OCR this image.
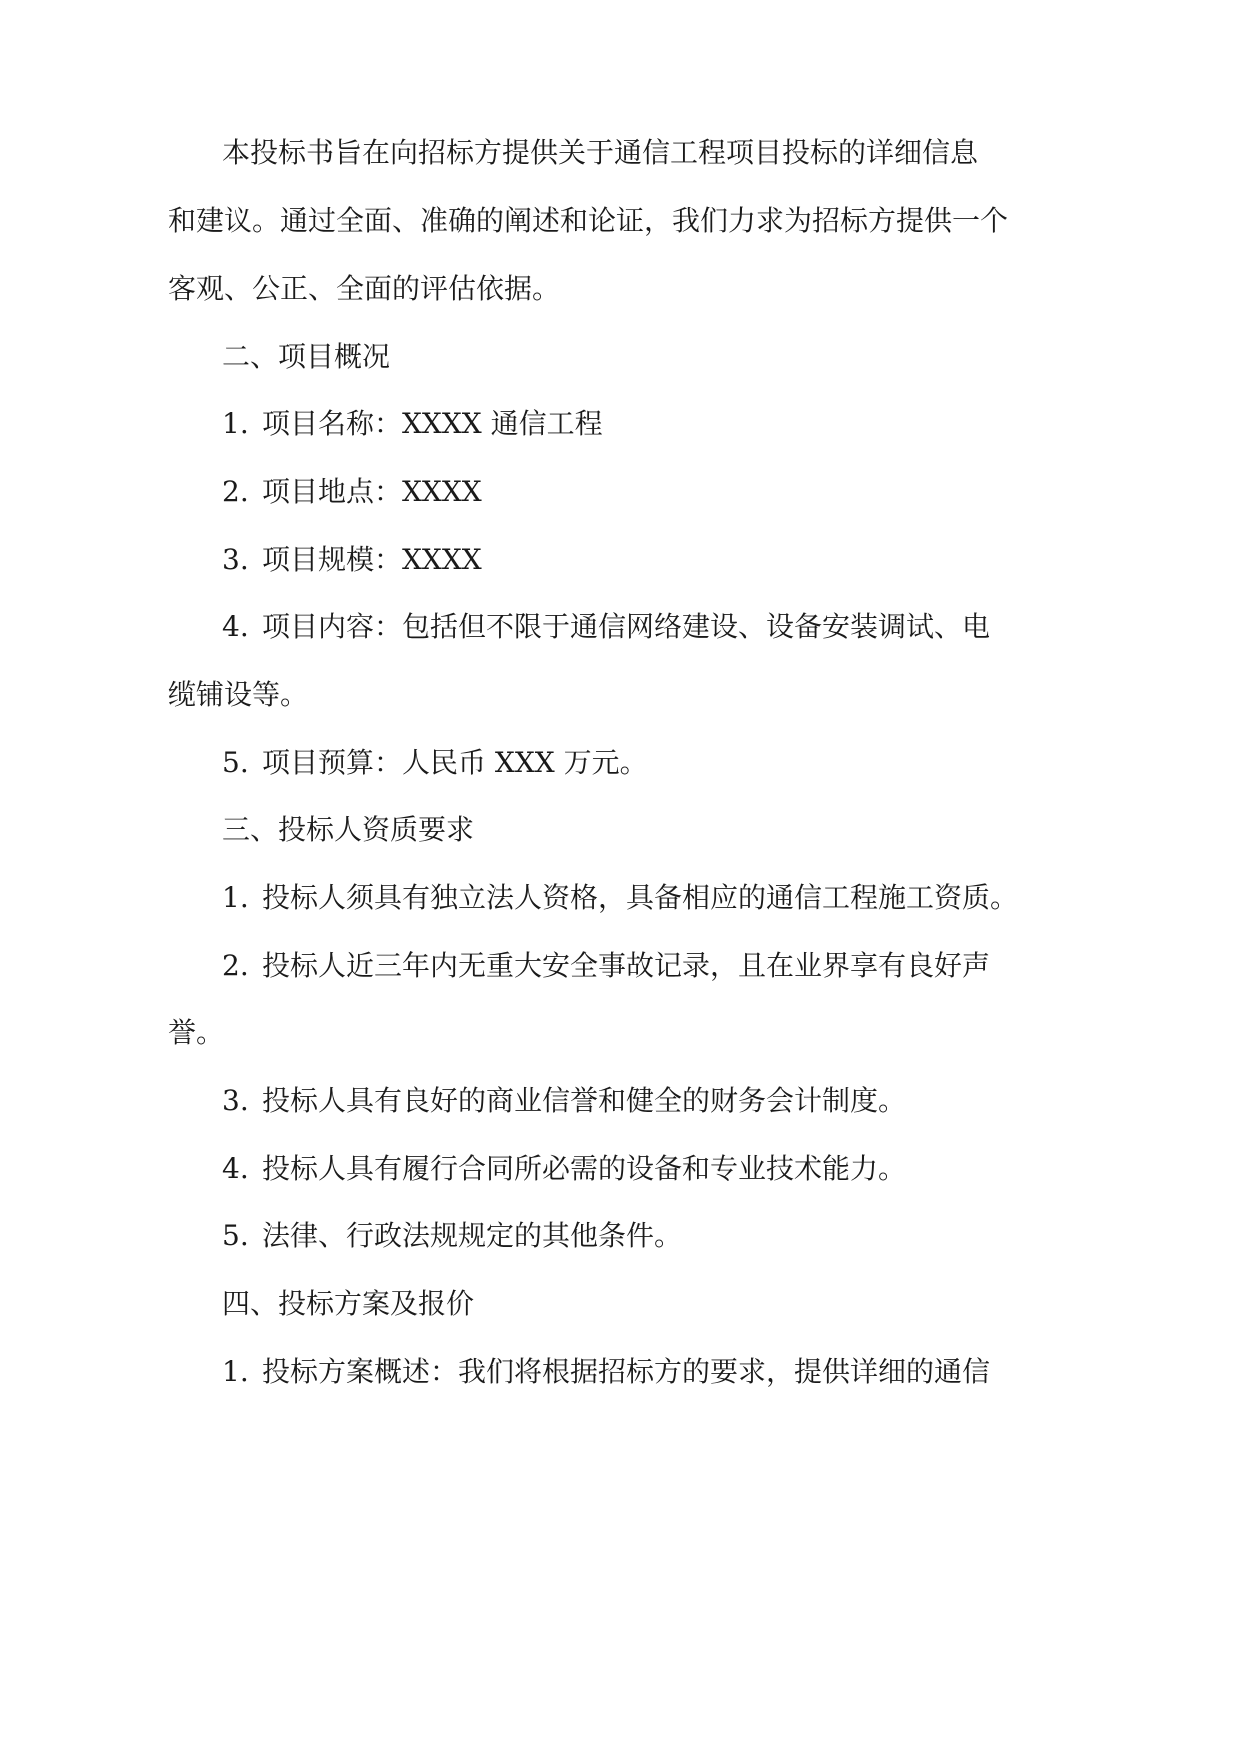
本投标书旨在向招标方提供关于通信工程项目投标的详细信息
和建议。通过全面、准确的阐述和论证，我们力求为招标方提供一个
客观、公正、全面的评估依据。
二、项目概况
1. 项目名称：XXXX 通信工程
2. 项目地点：XXXX
3. 项目规模：XXXX
4. 项目内容：包括但不限于通信网络建设、设备安装调试、电
缆铺设等。
5. 项目预算：人民币 XXX 万元。
三、投标人资质要求
1. 投标人须具有独立法人资格，具备相应的通信工程施工资质。
2. 投标人近三年内无重大安全事故记录，且在业界享有良好声
誉。
3. 投标人具有良好的商业信誉和健全的财务会计制度。
4. 投标人具有履行合同所必需的设备和专业技术能力。
5. 法律、行政法规规定的其他条件。
四、投标方案及报价
1. 投标方案概述：我们将根据招标方的要求，提供详细的通信
